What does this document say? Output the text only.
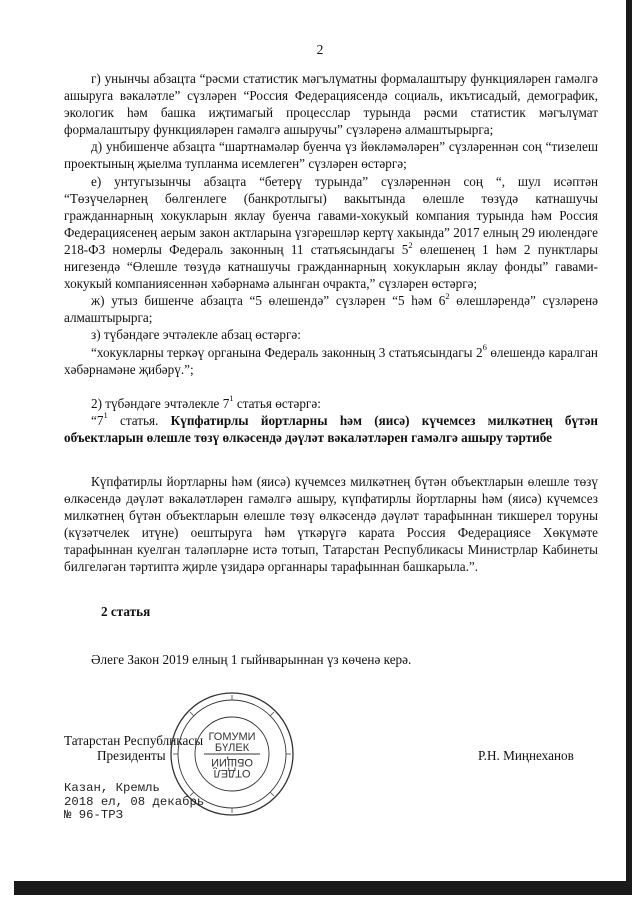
2

г) унынчы абзацта “рәсми статистик мәгълүматны формалаштыру функцияләрен гамәлгә ашыруга вәкаләтле” сүзләрен “Россия Федерациясендә социаль, икътисадый, демографик, экологик һәм башка иҗтимагый процесслар турында рәсми статистик мәгълүмат формалаштыру функцияләрен гамәлгә ашыручы” сүзләренә алмаштырырга;

д) унбишенче абзацта “шартнамәләр буенча үз йөкләмәләрен” сүзләреннән соң “тизелеш проектының җыелма тупланма исемлеген” сүзләрен өстәргә;

е) унтугызынчы абзацта “бетерү турында” сүзләреннән соң “, шул исәптән “Төзүчеләрнең бөлгенлеге (банкротлыгы) вакытында өлешле төзүдә катнашучы гражданнарның хокукларын яклау буенча гавами-хокукый компания турында һәм Россия Федерациясенең аерым закон актларына үзгәрешләр кертү хакында” 2017 елның 29 июлендәге 218-ФЗ номерлы Федераль законның 11 статьясындагы $5^2$ өлешенең 1 һәм 2 пунктлары нигезендә “Өлешле төзүдә катнашучы гражданнарның хокукларын яклау фонды” гавами-хокукый компаниясеннән хәбәрнамә алынган очракта,” сүзләрен өстәргә;

ж) утыз бишенче абзацта “5 өлешендә” сүзләрен “5 һәм $6^2$ өлешләрендә” сүзләренә алмаштырырга;

з) түбәндәге эчтәлекле абзац өстәргә:

“хокукларны теркәү органына Федераль законның 3 статьясындагы $2^6$ өлешендә каралган хәбәрнамәне җибәрү.”;

2) түбәндәге эчтәлекле $7^1$ статья өстәргә:

“$7^1$ статья. Күпфатирлы йортларны һәм (яисә) күчемсез милкәтнең бүтән объектларын өлешле төзү өлкәсендә дәүләт вәкаләтләрен гамәлгә ашыру тәртибе

Күпфатирлы йортларны һәм (яисә) күчемсез милкәтнең бүтән объектларын өлешле төзү өлкәсендә дәүләт вәкаләтләрен гамәлгә ашыру, күпфатирлы йортларны һәм (яисә) күчемсез милкәтнең бүтән объектларын өлешле төзү өлкәсендә дәүләт тарафыннан тикшерел торуны (күзәтчелек итүне) оештыруга һәм үткәрүгә карата Россия Федерациясе Хөкүмәте тарафыннан куелган таләпләрне истә тотып, Татарстан Республикасы Министрлар Кабинеты билгеләгән тәртиптә җирле үзидарә органнары тарафыннан башкарыла.”.

2 статья

Әлеге Закон 2019 елның 1 гыйнварыннан үз көченә керә.

Татарстан Республикасы
Президенты	Р.Н. Миңнеханов
ГОМУМИ
БҮЛЕК
ОБЩИЙ
ОТДЕЛ
Казан, Кремль
2018 ел, 08 декабрь
№ 96-ТРЗ
